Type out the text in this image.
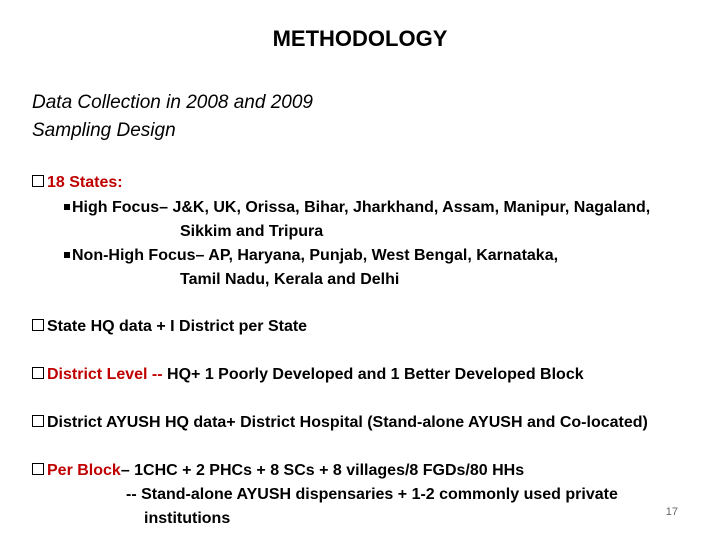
METHODOLOGY
Data Collection in 2008 and 2009
Sampling Design
18 States:
High Focus– J&K, UK, Orissa, Bihar, Jharkhand, Assam, Manipur, Nagaland,
Sikkim and Tripura
Non-High Focus– AP, Haryana, Punjab, West Bengal, Karnataka,
Tamil Nadu, Kerala and Delhi
State HQ data + I District per State
District Level -- HQ+ 1 Poorly Developed and 1 Better Developed Block
District AYUSH HQ data+ District Hospital (Stand-alone AYUSH and Co-located)
Per Block– 1CHC + 2 PHCs + 8 SCs + 8 villages/8 FGDs/80 HHs
-- Stand-alone AYUSH dispensaries + 1-2 commonly used private
institutions	17
